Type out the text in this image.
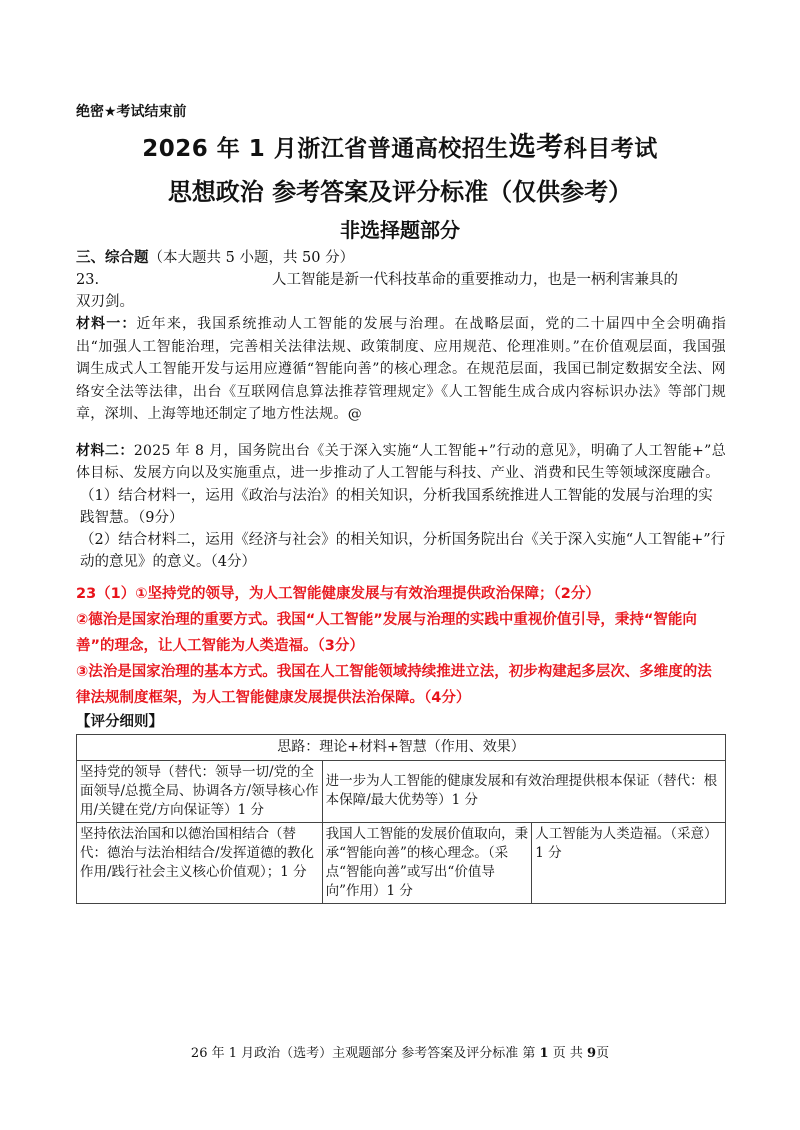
绝密★考试结束前
2026 年 1 月浙江省普通高校招生选考科目考试
思想政治 参考答案及评分标准（仅供参考）
非选择题部分

三、综合题（本大题共 5 小题，共 50 分）

23.	人工智能是新一代科技革命的重要推动力，也是一柄利害兼具的

双刃剑。

材料一：近年来，我国系统推动人工智能的发展与治理。在战略层面，党的二十届四中全会明确指出“加强人工智能治理，完善相关法律法规、政策制度、应用规范、伦理准则。”在价值观层面，我国强调生成式人工智能开发与运用应遵循“智能向善”的核心理念。在规范层面，我国已制定数据安全法、网络安全法等法律，出台《互联网信息算法推荐管理规定》《人工智能生成合成内容标识办法》等部门规章，深圳、上海等地还制定了地方性法规。@

材料二：2025 年 8 月，国务院出台《关于深入实施“人工智能+”行动的意见》，明确了人工智能+”总体目标、发展方向以及实施重点，进一步推动了人工智能与科技、产业、消费和民生等领域深度融合。

（1）结合材料一，运用《政治与法治》的相关知识，分析我国系统推进人工智能的发展与治理的实践智慧。（9分）

（2）结合材料二，运用《经济与社会》的相关知识，分析国务院出台《关于深入实施“人工智能+”行动的意见》的意义。（4分）

23（1）①坚持党的领导，为人工智能健康发展与有效治理提供政治保障；（2分）

②德治是国家治理的重要方式。我国“人工智能”发展与治理的实践中重视价值引导，秉持“智能向善”的理念，让人工智能为人类造福。（3分）

③法治是国家治理的基本方式。我国在人工智能领域持续推进立法，初步构建起多层次、多维度的法律法规制度框架，为人工智能健康发展提供法治保障。（4分）

【评分细则】

思路：理论+材料+智慧（作用、效果）		
坚持党的领导（替代：领导一切/党的全面领导/总揽全局、协调各方/领导核心作用/关键在党/方向保证等）1 分	进一步为人工智能的健康发展和有效治理提供根本保证（替代：根本保障/最大优势等）1 分	
坚持依法治国和以德治国相结合（替代：德治与法治相结合/发挥道德的教化作用/践行社会主义核心价值观）；1 分	我国人工智能的发展价值取向，秉承“智能向善”的核心理念。（采点“智能向善”或写出“价值导向”作用）1 分	人工智能为人类造福。（采意）1 分
26 年 1 月政治（选考）主观题部分 参考答案及评分标准 第 1 页 共 9页
